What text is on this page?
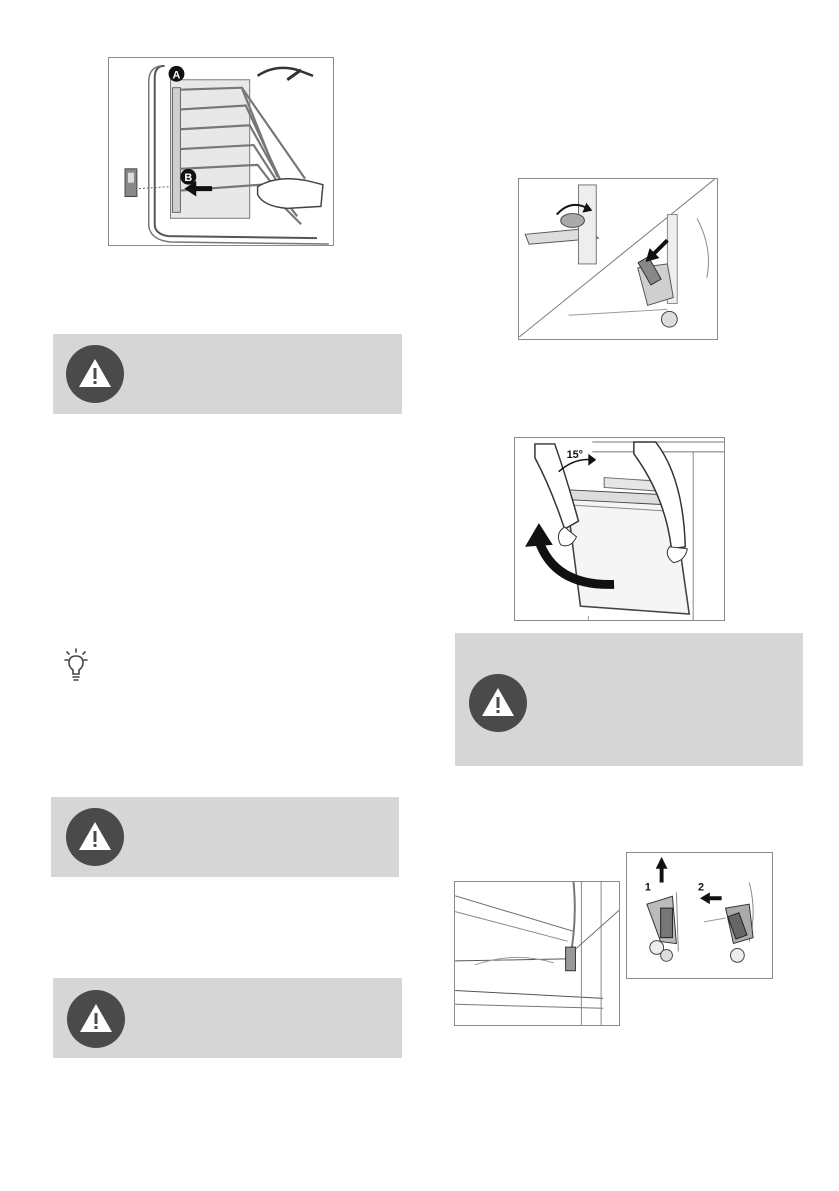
A
B
15°
1	2
